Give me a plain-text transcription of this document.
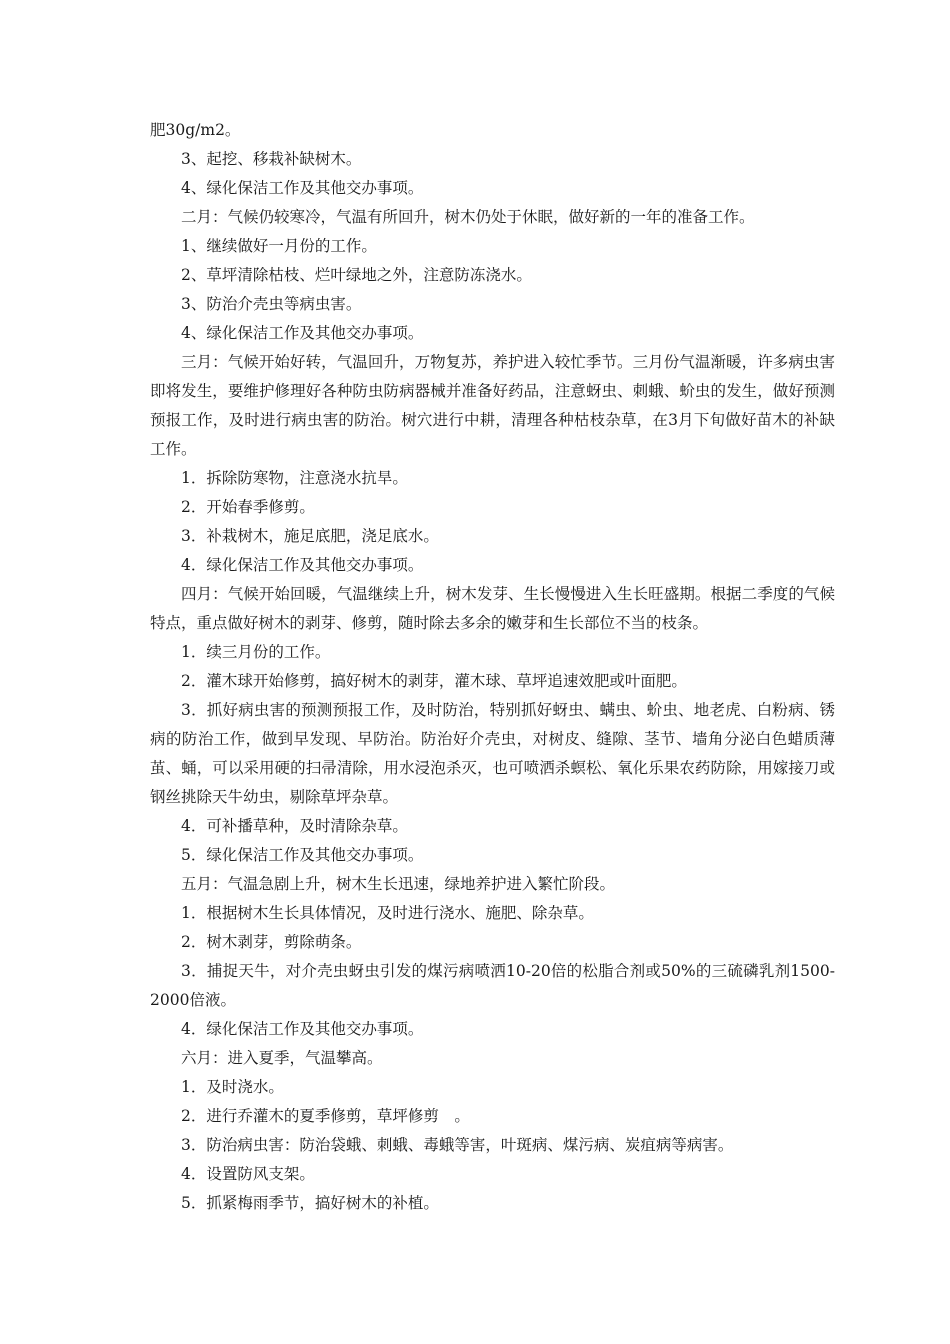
肥30g/m2。

3、起挖、移栽补缺树木。

4、绿化保洁工作及其他交办事项。

二月：气候仍较寒冷，气温有所回升，树木仍处于休眠，做好新的一年的准备工作。

1、继续做好一月份的工作。

2、草坪清除枯枝、烂叶绿地之外，注意防冻浇水。

3、防治介壳虫等病虫害。

4、绿化保洁工作及其他交办事项。

三月：气候开始好转，气温回升，万物复苏，养护进入较忙季节。三月份气温渐暖，许多病虫害即将发生，要维护修理好各种防虫防病器械并准备好药品，注意蚜虫、刺蛾、蚧虫的发生，做好预测预报工作，及时进行病虫害的防治。树穴进行中耕，清理各种枯枝杂草，在3月下旬做好苗木的补缺工作。

1．拆除防寒物，注意浇水抗旱。

2．开始春季修剪。

3．补栽树木，施足底肥，浇足底水。

4．绿化保洁工作及其他交办事项。

四月：气候开始回暖，气温继续上升，树木发芽、生长慢慢进入生长旺盛期。根据二季度的气候特点，重点做好树木的剥芽、修剪，随时除去多余的嫩芽和生长部位不当的枝条。

1．续三月份的工作。

2．灌木球开始修剪，搞好树木的剥芽，灌木球、草坪追速效肥或叶面肥。

3．抓好病虫害的预测预报工作，及时防治，特别抓好蚜虫、螨虫、蚧虫、地老虎、白粉病、锈病的防治工作，做到早发现、早防治。防治好介壳虫，对树皮、缝隙、茎节、墙角分泌白色蜡质薄茧、蛹，可以采用硬的扫帚清除，用水浸泡杀灭，也可喷洒杀螟松、氧化乐果农药防除，用嫁接刀或钢丝挑除天牛幼虫，剔除草坪杂草。

4．可补播草种，及时清除杂草。

5．绿化保洁工作及其他交办事项。

五月：气温急剧上升，树木生长迅速，绿地养护进入繁忙阶段。

1．根据树木生长具体情况，及时进行浇水、施肥、除杂草。

2．树木剥芽，剪除萌条。

3．捕捉天牛，对介壳虫蚜虫引发的煤污病喷洒10-20倍的松脂合剂或50%的三硫磷乳剂1500-2000倍液。

4．绿化保洁工作及其他交办事项。

六月：进入夏季，气温攀高。

1．及时浇水。

2．进行乔灌木的夏季修剪，草坪修剪　。

3．防治病虫害：防治袋蛾、刺蛾、毒蛾等害，叶斑病、煤污病、炭疽病等病害。

4．设置防风支架。

5．抓紧梅雨季节，搞好树木的补植。
